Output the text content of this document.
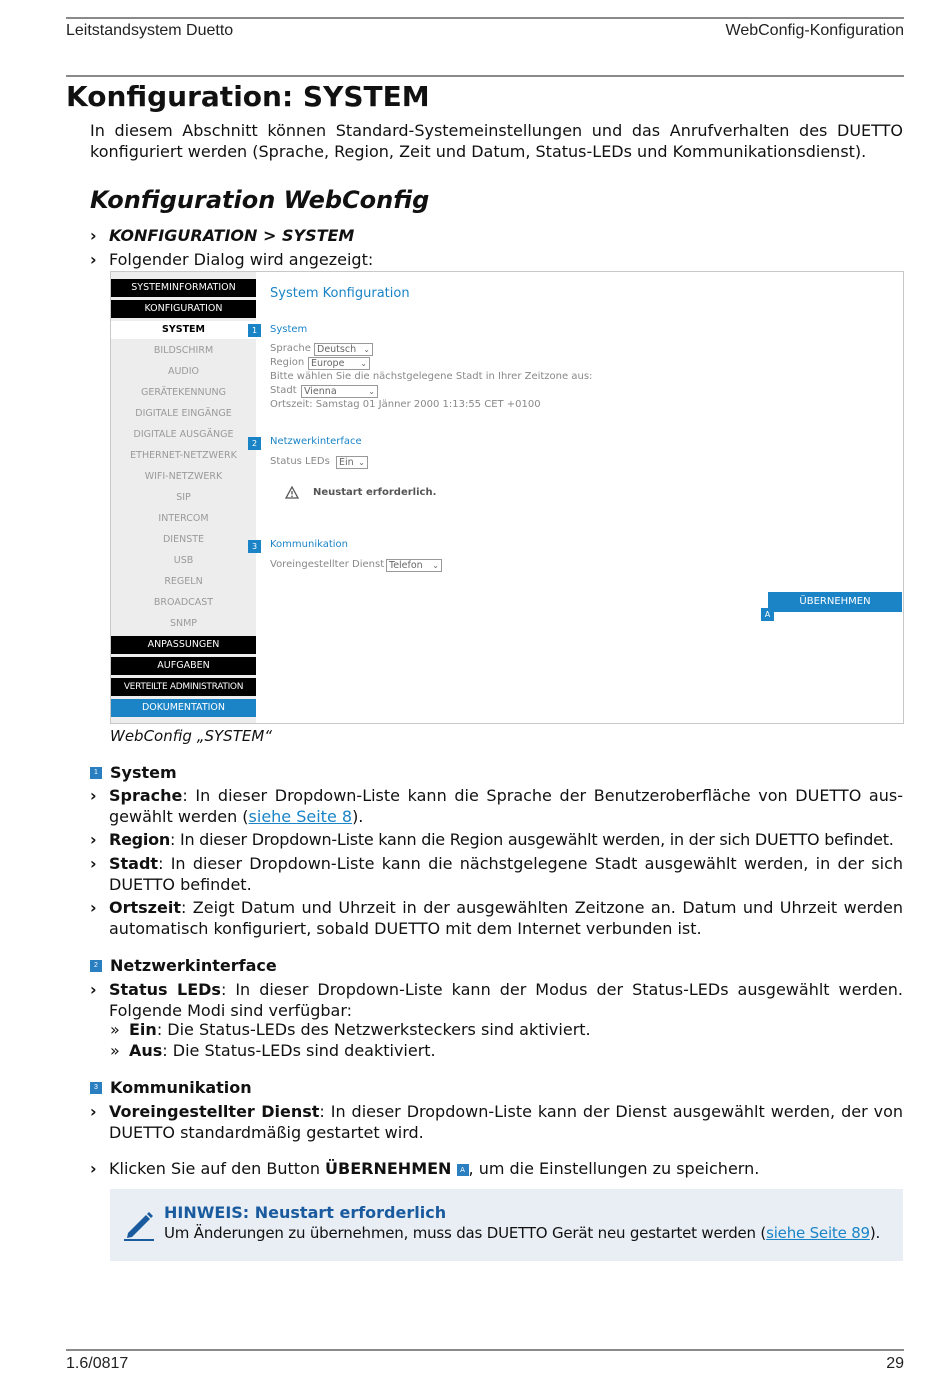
Leitstandsystem Duetto	WebConfig-Konfiguration
Konfiguration: SYSTEM
In diesem Abschnitt können Standard-Systemeinstellungen und das Anrufverhalten des DUETTO konfiguriert werden (Sprache, Region, Zeit und Datum, Status-LEDs und Kommunikationsdienst).
Konfiguration WebConfig
› KONFIGURATION > SYSTEM
› Folgender Dialog wird angezeigt:
SYSTEMINFORMATION
KONFIGURATION
SYSTEM
BILDSCHIRM
AUDIO
GERÄTEKENNUNG
DIGITALE EINGÄNGE
DIGITALE AUSGÄNGE
ETHERNET-NETZWERK
WIFI-NETZWERK
SIP
INTERCOM
DIENSTE
USB
REGELN
BROADCAST
SNMP
ANPASSUNGEN
AUFGABEN
VERTEILTE ADMINISTRATION
DOKUMENTATION
System Konfiguration
1	System
Sprache Deutsch ⌄
Region Europe ⌄
Bitte wählen Sie die nächstgelegene Stadt in Ihrer Zeitzone aus:
Stadt Vienna	⌄
Ortszeit: Samstag 01 Jänner 2000 1:13:55 CET +0100
2	Netzwerkinterface
Status LEDs Ein ⌄
Neustart erforderlich.
3	Kommunikation
Voreingestellter Dienst Telefon ⌄
ÜBERNEHMEN
A
WebConfig „SYSTEM“
1 System
› Sprache: In dieser Dropdown-Liste kann die Sprache der Benutzeroberfläche von DUETTO ausgewählt werden (siehe Seite 8).
› Region: In dieser Dropdown-Liste kann die Region ausgewählt werden, in der sich DUETTO befindet.
› Stadt: In dieser Dropdown-Liste kann die nächstgelegene Stadt ausgewählt werden, in der sich DUETTO befindet.
› Ortszeit: Zeigt Datum und Uhrzeit in der ausgewählten Zeitzone an. Datum und Uhrzeit werden automatisch konfiguriert, sobald DUETTO mit dem Internet verbunden ist.
2 Netzwerkinterface
› Status LEDs: In dieser Dropdown-Liste kann der Modus der Status-LEDs ausgewählt werden. Folgende Modi sind verfügbar:
» Ein: Die Status-LEDs des Netzwerksteckers sind aktiviert.
» Aus: Die Status-LEDs sind deaktiviert.
3 Kommunikation
› Voreingestellter Dienst: In dieser Dropdown-Liste kann der Dienst ausgewählt werden, der von DUETTO standardmäßig gestartet wird.
› Klicken Sie auf den Button ÜBERNEHMEN A , um die Einstellungen zu speichern.
HINWEIS: Neustart erforderlich
Um Änderungen zu übernehmen, muss das DUETTO Gerät neu gestartet werden (siehe Seite 89).
1.6/0817	29
